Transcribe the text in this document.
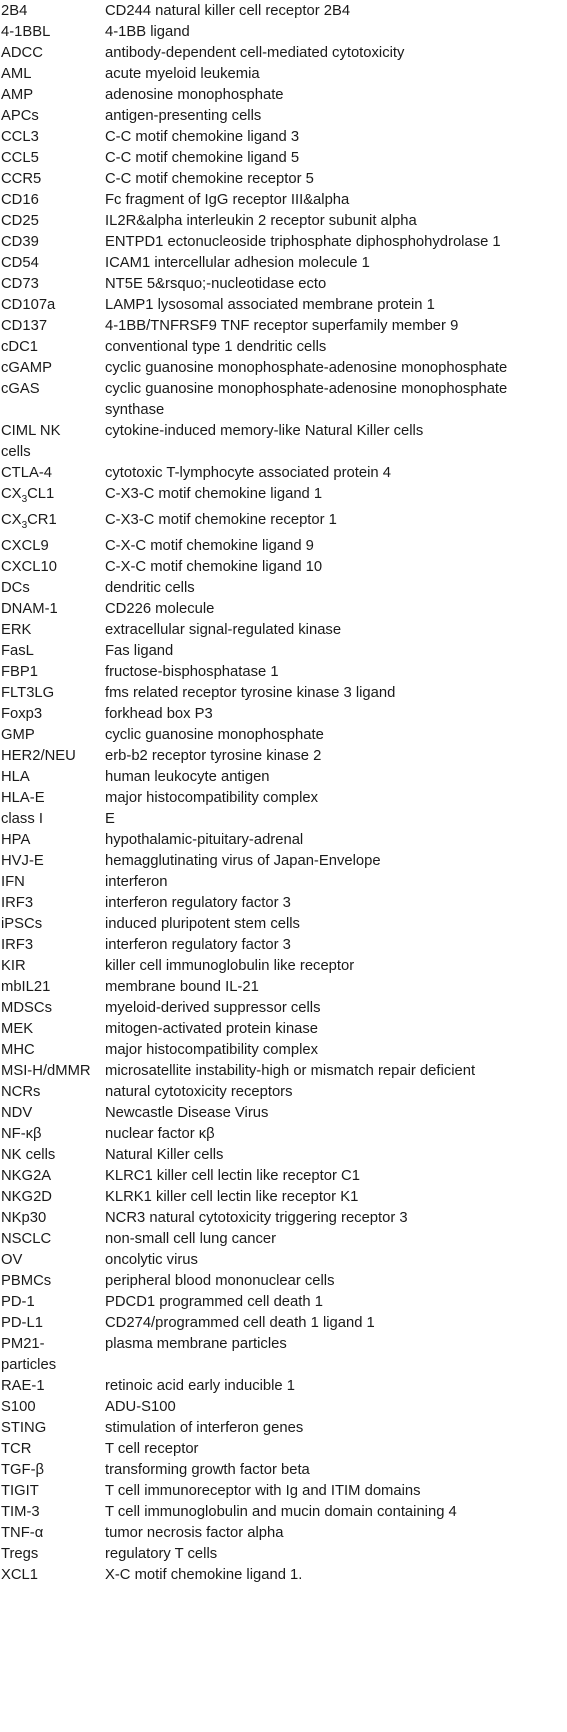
2B4	CD244 natural killer cell receptor 2B4
4-1BBL	4-1BB ligand
ADCC	antibody-dependent cell-mediated cytotoxicity
AML	acute myeloid leukemia
AMP	adenosine monophosphate
APCs	antigen-presenting cells
CCL3	C-C motif chemokine ligand 3
CCL5	C-C motif chemokine ligand 5
CCR5	C-C motif chemokine receptor 5
CD16	Fc fragment of IgG receptor III&alpha
CD25	IL2R&alpha interleukin 2 receptor subunit alpha
CD39	ENTPD1 ectonucleoside triphosphate diphosphohydrolase 1
CD54	ICAM1 intercellular adhesion molecule 1
CD73	NT5E 5&rsquo;-nucleotidase ecto
CD107a	LAMP1 lysosomal associated membrane protein 1
CD137	4-1BB/TNFRSF9 TNF receptor superfamily member 9
cDC1	conventional type 1 dendritic cells
cGAMP	cyclic guanosine monophosphate-adenosine monophosphate
cGAS	cyclic guanosine monophosphate-adenosine monophosphate
synthase
CIML NK	cytokine-induced memory-like Natural Killer cells
cells
CTLA-4	cytotoxic T-lymphocyte associated protein 4
$CX_3CL1$	C-X3-C motif chemokine ligand 1
$CX_3CR1$	C-X3-C motif chemokine receptor 1
CXCL9	C-X-C motif chemokine ligand 9
CXCL10	C-X-C motif chemokine ligand 10
DCs	dendritic cells
DNAM-1	CD226 molecule
ERK	extracellular signal-regulated kinase
FasL	Fas ligand
FBP1	fructose-bisphosphatase 1
FLT3LG	fms related receptor tyrosine kinase 3 ligand
Foxp3	forkhead box P3
GMP	cyclic guanosine monophosphate
HER2/NEU	erb-b2 receptor tyrosine kinase 2
HLA	human leukocyte antigen
HLA-E	major histocompatibility complex
class I	E
HPA	hypothalamic-pituitary-adrenal
HVJ-E	hemagglutinating virus of Japan-Envelope
IFN	interferon
IRF3	interferon regulatory factor 3
iPSCs	induced pluripotent stem cells
IRF3	interferon regulatory factor 3
KIR	killer cell immunoglobulin like receptor
mbIL21	membrane bound IL-21
MDSCs	myeloid-derived suppressor cells
MEK	mitogen-activated protein kinase
MHC	major histocompatibility complex
MSI-H/dMMR microsatellite instability-high or mismatch repair deficient
NCRs	natural cytotoxicity receptors
NDV	Newcastle Disease Virus
NF-κβ	nuclear factor κβ
NK cells	Natural Killer cells
NKG2A	KLRC1 killer cell lectin like receptor C1
NKG2D	KLRK1 killer cell lectin like receptor K1
NKp30	NCR3 natural cytotoxicity triggering receptor 3
NSCLC	non-small cell lung cancer
OV	oncolytic virus
PBMCs	peripheral blood mononuclear cells
PD-1	PDCD1 programmed cell death 1
PD-L1	CD274/programmed cell death 1 ligand 1
PM21-	plasma membrane particles
particles
RAE-1	retinoic acid early inducible 1
S100	ADU-S100
STING	stimulation of interferon genes
TCR	T cell receptor
TGF-β	transforming growth factor beta
TIGIT	T cell immunoreceptor with Ig and ITIM domains
TIM-3	T cell immunoglobulin and mucin domain containing 4
TNF-α	tumor necrosis factor alpha
Tregs	regulatory T cells
XCL1	X-C motif chemokine ligand 1.
